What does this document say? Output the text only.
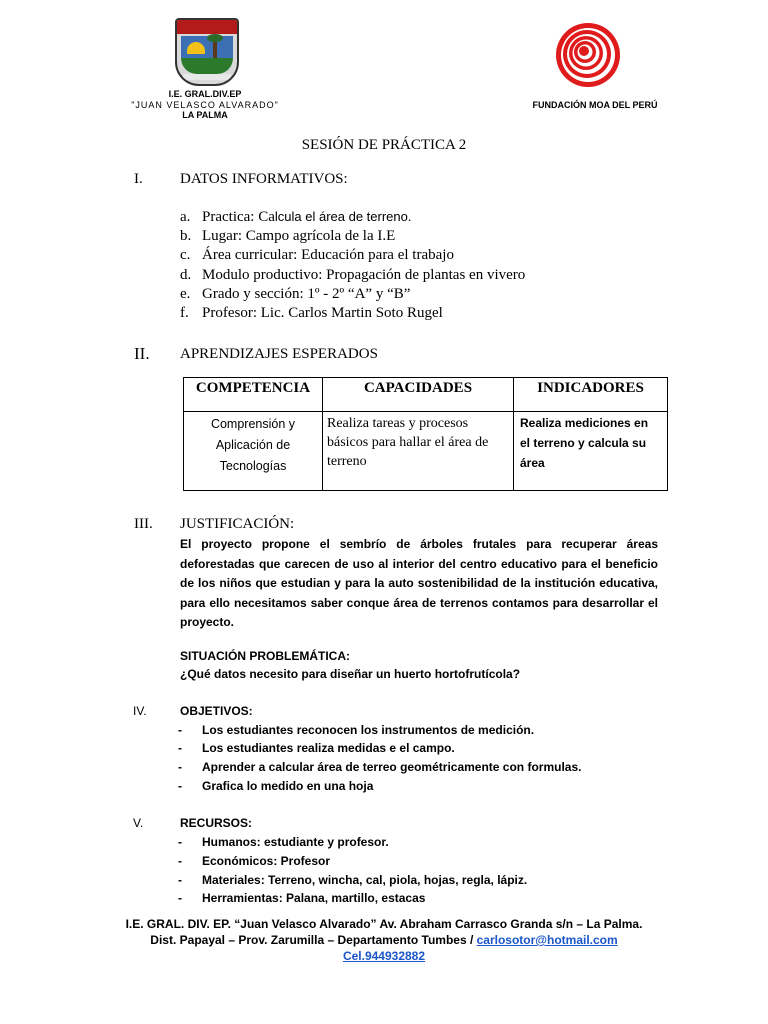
I.E. GRAL.DIV.EP
"JUAN VELASCO ALVARADO"
LA PALMA
FUNDACIÓN MOA DEL PERÚ
SESIÓN DE PRÁCTICA 2
I. DATOS INFORMATIVOS:
a. Practica: Calcula el área de terreno.
b. Lugar: Campo agrícola de la I.E
c. Área curricular: Educación para el trabajo
d. Modulo productivo: Propagación de plantas en vivero
e. Grado y sección: 1º - 2º “A” y “B”
f. Profesor: Lic. Carlos Martin Soto Rugel
II. APRENDIZAJES ESPERADOS
COMPETENCIA	CAPACIDADES	INDICADORES
Comprensión y Aplicación de Tecnologías	Realiza tareas y procesos básicos para hallar el área de terreno	Realiza mediciones en el terreno y calcula su área
III. JUSTIFICACIÓN:
El proyecto propone el sembrío de árboles frutales para recuperar áreas deforestadas que carecen de uso al interior del centro educativo para el beneficio de los niños que estudian y para la auto sostenibilidad de la institución educativa, para ello necesitamos saber conque área de terrenos contamos para desarrollar el proyecto.
SITUACIÓN PROBLEMÁTICA:
¿Qué datos necesito para diseñar un huerto hortofrutícola?
IV.	OBJETIVOS:
- Los estudiantes reconocen los instrumentos de medición.
- Los estudiantes realiza medidas e el campo.
- Aprender a calcular área de terreo geométricamente con formulas.
- Grafica lo medido en una hoja
V.	RECURSOS:
- Humanos: estudiante y profesor.
- Económicos: Profesor
- Materiales: Terreno, wincha, cal, piola, hojas, regla, lápiz.
- Herramientas: Palana, martillo, estacas
I.E. GRAL. DIV. EP. “Juan Velasco Alvarado” Av. Abraham Carrasco Granda s/n – La Palma.
Dist. Papayal – Prov. Zarumilla – Departamento Tumbes / carlosotor@hotmail.com
Cel.944932882
